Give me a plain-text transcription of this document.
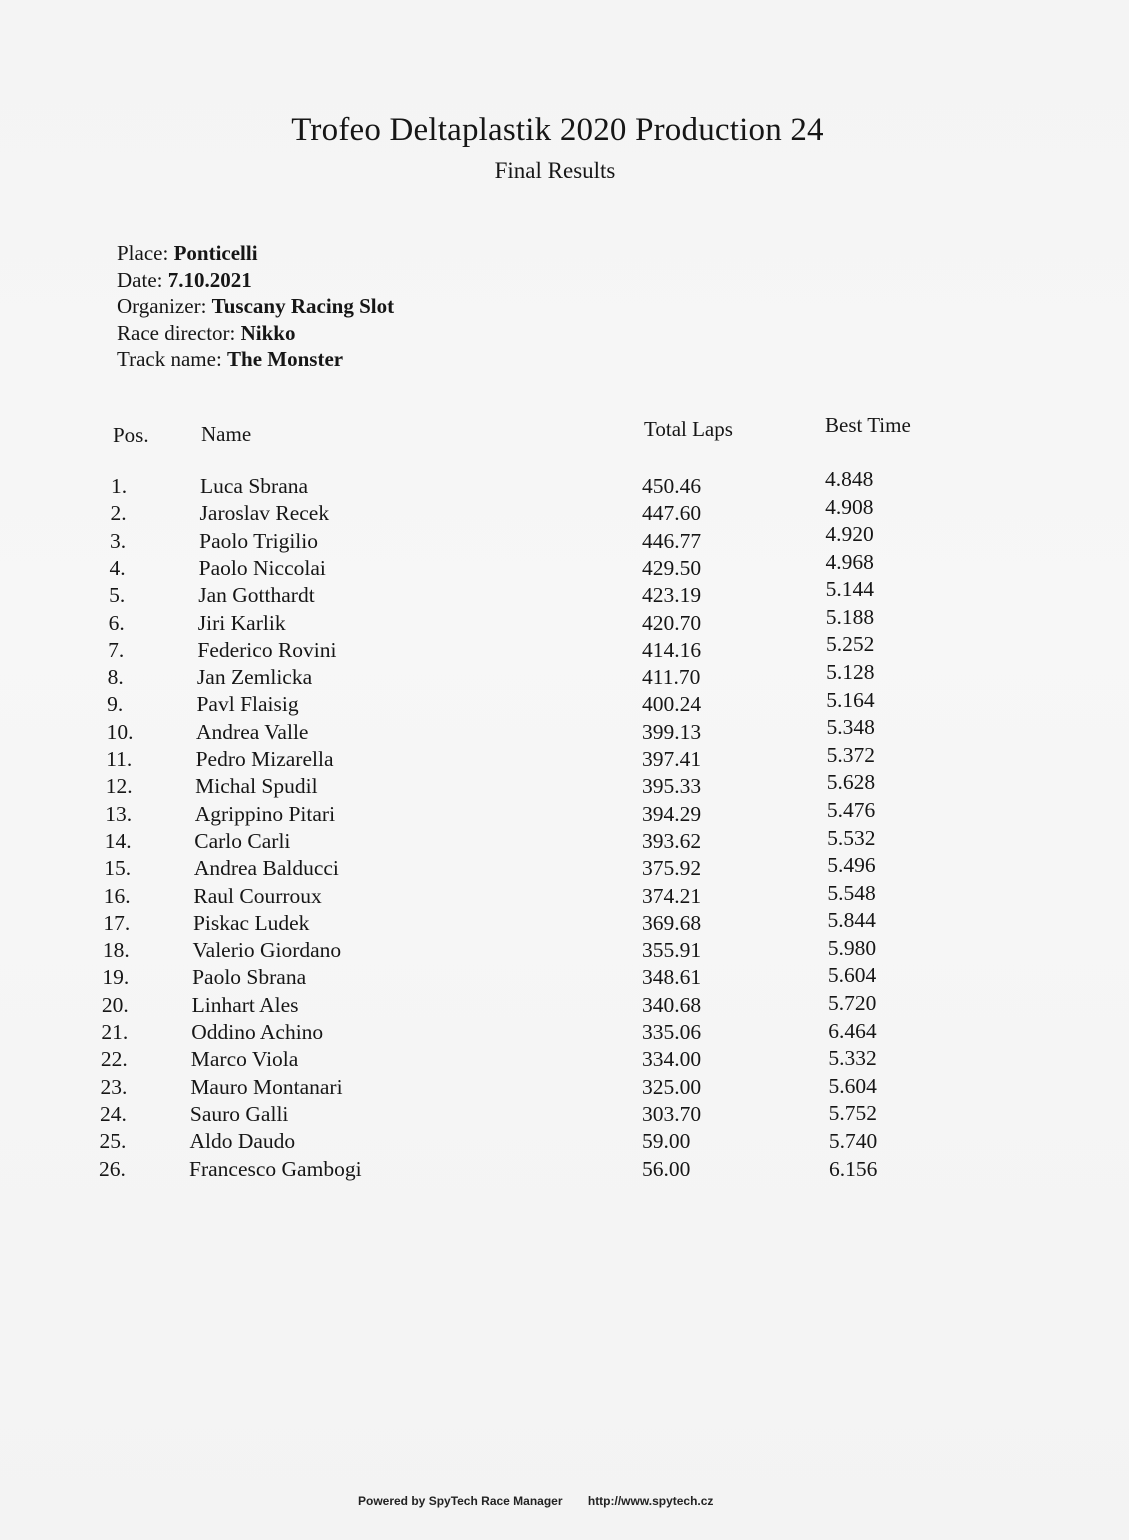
Trofeo Deltaplastik 2020 Production 24
Final Results
Place: Ponticelli
Date: 7.10.2021
Organizer: Tuscany Racing Slot
Race director: Nikko
Track name: The Monster
Pos. Name	Total Laps	Best Time
1.	Luca Sbrana	450.46	4.848
2.	Jaroslav Recek	447.60	4.908
3.	Paolo Trigilio	446.77	4.920
4.	Paolo Niccolai	429.50	4.968
5.	Jan Gotthardt	423.19	5.144
6.	Jiri Karlik	420.70	5.188
7.	Federico Rovini	414.16	5.252
8.	Jan Zemlicka	411.70	5.128
9.	Pavl Flaisig	400.24	5.164
10.	Andrea Valle	399.13	5.348
11.	Pedro Mizarella	397.41	5.372
12.	Michal Spudil	395.33	5.628
13.	Agrippino Pitari	394.29	5.476
14.	Carlo Carli	393.62	5.532
15.	Andrea Balducci	375.92	5.496
16.	Raul Courroux	374.21	5.548
17.	Piskac Ludek	369.68	5.844
18.	Valerio Giordano	355.91	5.980
19.	Paolo Sbrana	348.61	5.604
20.	Linhart Ales	340.68	5.720
21.	Oddino Achino	335.06	6.464
22.	Marco Viola	334.00	5.332
23.	Mauro Montanari	325.00	5.604
24.	Sauro Galli	303.70	5.752
25.	Aldo Daudo	59.00	5.740
26.	Francesco Gambogi	56.00	6.156
Powered by SpyTech Race Manager http://www.spytech.cz
